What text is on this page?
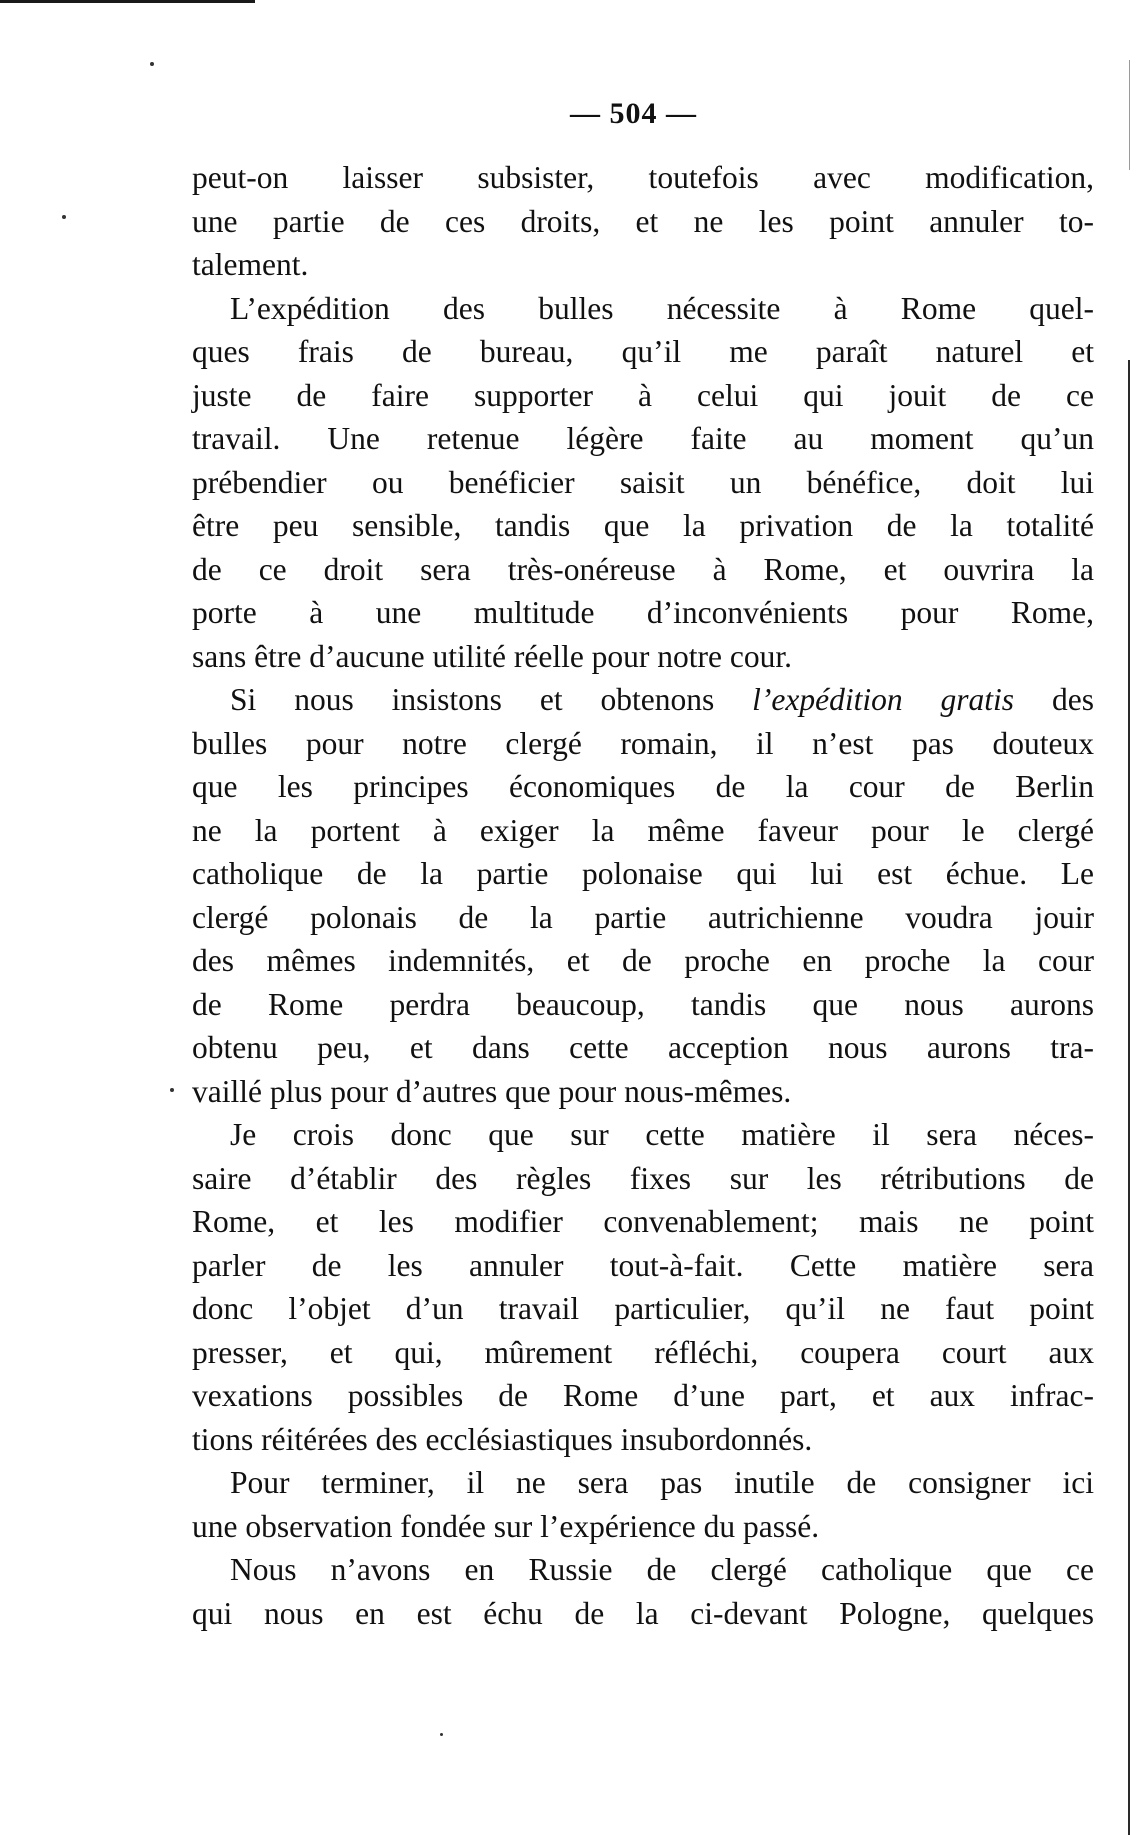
— 504 —
peut-on laisser subsister, toutefois avec modification,
une partie de ces droits, et ne les point annuler to-
talement.
L’expédition des bulles nécessite à Rome quel-
ques frais de bureau, qu’il me paraît naturel et
juste de faire supporter à celui qui jouit de ce
travail. Une retenue légère faite au moment qu’un
prébendier ou benéficier saisit un bénéfice, doit lui
être peu sensible, tandis que la privation de la totalité
de ce droit sera très-onéreuse à Rome, et ouvrira la
porte à une multitude d’inconvénients pour Rome,
sans être d’aucune utilité réelle pour notre cour.
Si nous insistons et obtenons l’expédition gratis des
bulles pour notre clergé romain, il n’est pas douteux
que les principes économiques de la cour de Berlin
ne la portent à exiger la même faveur pour le clergé
catholique de la partie polonaise qui lui est échue. Le
clergé polonais de la partie autrichienne voudra jouir
des mêmes indemnités, et de proche en proche la cour
de Rome perdra beaucoup, tandis que nous aurons
obtenu peu, et dans cette acception nous aurons tra-
vaillé plus pour d’autres que pour nous-mêmes.
Je crois donc que sur cette matière il sera néces-
saire d’établir des règles fixes sur les rétributions de
Rome, et les modifier convenablement; mais ne point
parler de les annuler tout-à-fait. Cette matière sera
donc l’objet d’un travail particulier, qu’il ne faut point
presser, et qui, mûrement réfléchi, coupera court aux
vexations possibles de Rome d’une part, et aux infrac-
tions réitérées des ecclésiastiques insubordonnés.
Pour terminer, il ne sera pas inutile de consigner ici
une observation fondée sur l’expérience du passé.
Nous n’avons en Russie de clergé catholique que ce
qui nous en est échu de la ci-devant Pologne, quelques
